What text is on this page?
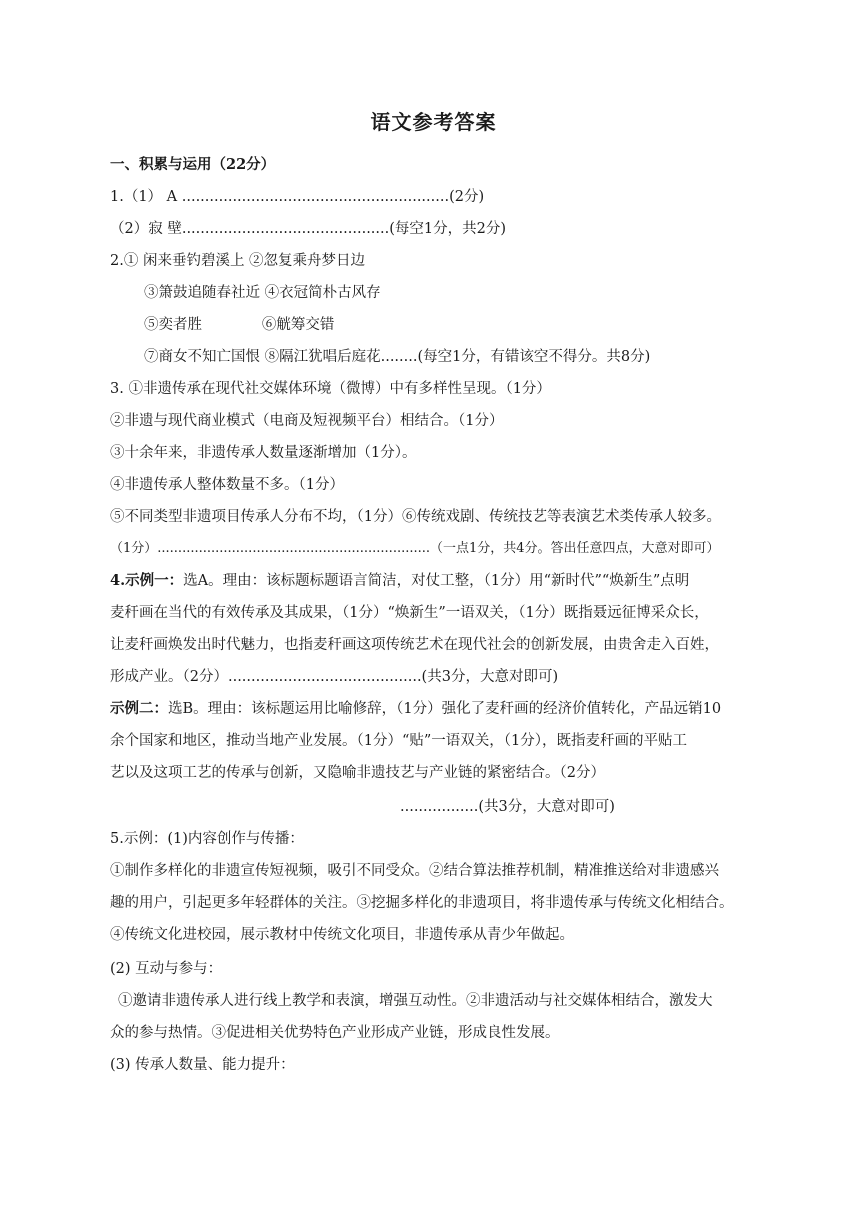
语文参考答案
一、积累与运用（22分）
1.（1） A ..........................................................(2分)
（2）寂 壁.............................................(每空1分，共2分)
2.① 闲来垂钓碧溪上 ②忽复乘舟梦日边
③箫鼓追随春社近 ④衣冠简朴古风存
⑤奕者胜             ⑥觥筹交错
⑦商女不知亡国恨 ⑧隔江犹唱后庭花........(每空1分，有错该空不得分。共8分)
3. ①非遗传承在现代社交媒体环境（微博）中有多样性呈现。（1分）
②非遗与现代商业模式（电商及短视频平台）相结合。（1分）
③十余年来，非遗传承人数量逐渐增加（1分）。
④非遗传承人整体数量不多。（1分）
⑤不同类型非遗项目传承人分布不均，（1分）⑥传统戏剧、传统技艺等表演艺术类传承人较多。
（1分）..................................................................（一点1分，共4分。答出任意四点，大意对即可）
4.示例一：选A。理由：该标题标题语言简洁，对仗工整，（1分）用“新时代”“焕新生”点明
麦秆画在当代的有效传承及其成果，（1分）“焕新生”一语双关，（1分）既指聂远征博采众长，
让麦秆画焕发出时代魅力，也指麦秆画这项传统艺术在现代社会的创新发展，由贵舍走入百姓，
形成产业。（2分）..........................................(共3分，大意对即可)
示例二：选B。理由：该标题运用比喻修辞，（1分）强化了麦秆画的经济价值转化，产品远销10
余个国家和地区，推动当地产业发展。（1分）“贴”一语双关，（1分），既指麦秆画的平贴工
艺以及这项工艺的传承与创新，又隐喻非遗技艺与产业链的紧密结合。（2分）
.................(共3分，大意对即可)
5.示例：(1)内容创作与传播：
①制作多样化的非遗宣传短视频，吸引不同受众。②结合算法推荐机制，精准推送给对非遗感兴
趣的用户，引起更多年轻群体的关注。③挖掘多样化的非遗项目，将非遗传承与传统文化相结合。
④传统文化进校园，展示教材中传统文化项目，非遗传承从青少年做起。
(2) 互动与参与：
①邀请非遗传承人进行线上教学和表演，增强互动性。②非遗活动与社交媒体相结合，激发大
众的参与热情。③促进相关优势特色产业形成产业链，形成良性发展。
(3) 传承人数量、能力提升：
